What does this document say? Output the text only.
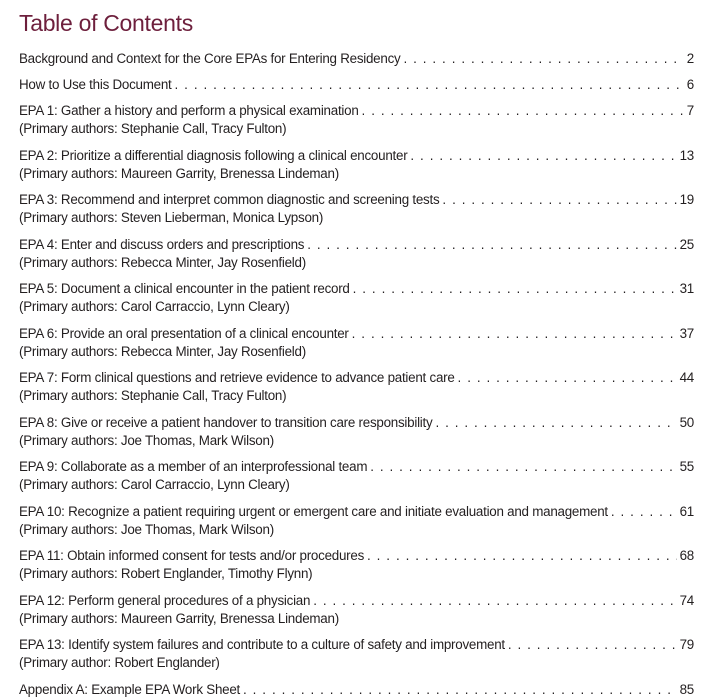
Table of Contents
Background and Context for the Core EPAs for Entering Residency . . .	2
How to Use this Document . . .	6
EPA 1: Gather a history and perform a physical examination . . .	7
(Primary authors: Stephanie Call, Tracy Fulton)
EPA 2: Prioritize a differential diagnosis following a clinical encounter . . .	13
(Primary authors: Maureen Garrity, Brenessa Lindeman)
EPA 3: Recommend and interpret common diagnostic and screening tests . . .	19
(Primary authors: Steven Lieberman, Monica Lypson)
EPA 4: Enter and discuss orders and prescriptions . . .	25
(Primary authors: Rebecca Minter, Jay Rosenfield)
EPA 5: Document a clinical encounter in the patient record . . .	31
(Primary authors: Carol Carraccio, Lynn Cleary)
EPA 6: Provide an oral presentation of a clinical encounter . . .	37
(Primary authors: Rebecca Minter, Jay Rosenfield)
EPA 7: Form clinical questions and retrieve evidence to advance patient care . . .	44
(Primary authors: Stephanie Call, Tracy Fulton)
EPA 8: Give or receive a patient handover to transition care responsibility . . .	50
(Primary authors: Joe Thomas, Mark Wilson)
EPA 9: Collaborate as a member of an interprofessional team . . .	55
(Primary authors: Carol Carraccio, Lynn Cleary)
EPA 10: Recognize a patient requiring urgent or emergent care and initiate evaluation and management . . .	61
(Primary authors: Joe Thomas, Mark Wilson)
EPA 11: Obtain informed consent for tests and/or procedures . . .	68
(Primary authors: Robert Englander, Timothy Flynn)
EPA 12: Perform general procedures of a physician . . .	74
(Primary authors: Maureen Garrity, Brenessa Lindeman)
EPA 13: Identify system failures and contribute to a culture of safety and improvement . . .	79
(Primary author: Robert Englander)
Appendix A: Example EPA Work Sheet . . .	85
